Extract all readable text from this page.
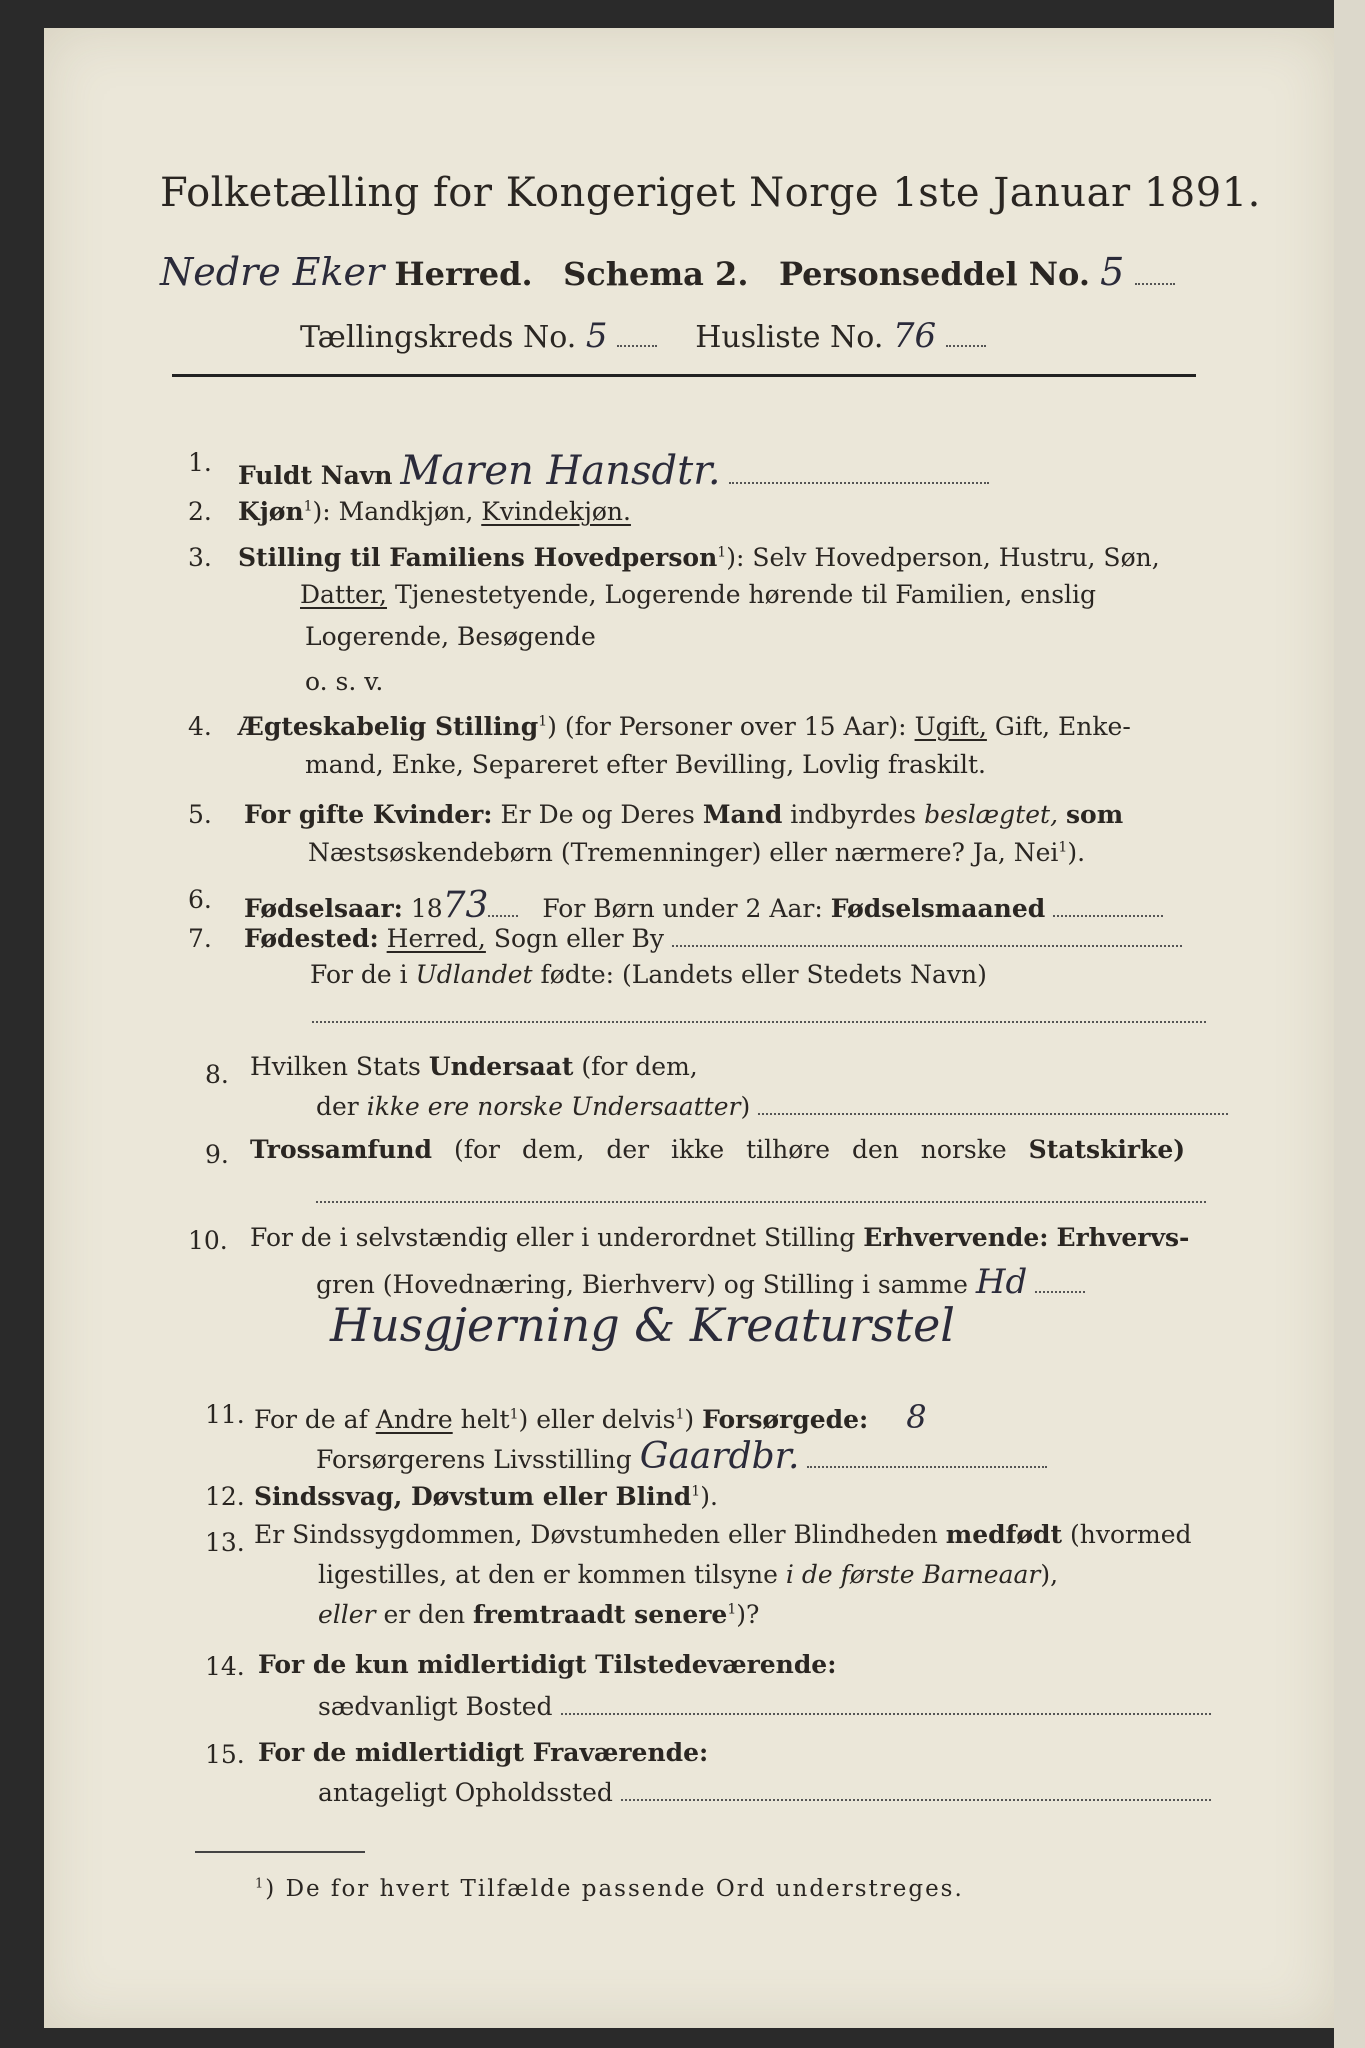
Folketælling for Kongeriget Norge 1ste Januar 1891.
Nedre Eker Herred. Schema 2. Personseddel No. 5
Tællingskreds No. 5	Husliste No. 76
1. Fuldt Navn Maren Hansdtr.
2. Kjøn$^1$): Mandkjøn, Kvindekjøn.
3. Stilling til Familiens Hovedperson$^1$): Selv Hovedperson, Hustru, Søn,
Datter, Tjenestetyende, Logerende hørende til Familien, enslig
Logerende, Besøgende
o. s. v.
4. Ægteskabelig Stilling$^1$) (for Personer over 15 Aar): Ugift, Gift, Enke-
mand, Enke, Separeret efter Bevilling, Lovlig fraskilt.
5. For gifte Kvinder: Er De og Deres Mand indbyrdes beslægtet, som
Næstsøskendebørn (Tremenninger) eller nærmere? Ja, Nei$^1$).
6. Fødselsaar: 1873 For Børn under 2 Aar: Fødselsmaaned
7. Fødested: Herred, Sogn eller By
For de i Udlandet fødte: (Landets eller Stedets Navn)
8. Hvilken Stats Undersaat (for dem,
der ikke ere norske Undersaatter)
9. Trossamfund (for dem, der ikke tilhøre den norske Statskirke)
10. For de i selvstændig eller i underordnet Stilling Erhvervende: Erhvervs-
gren (Hovednæring, Bierhverv) og Stilling i samme Hd
Husgjerning & Kreaturstel
11. For de af Andre helt$^1$) eller delvis$^1$) Forsørgede: 8
Forsørgerens Livsstilling Gaardbr.
12. Sindssvag, Døvstum eller Blind$^1$).
13. Er Sindssygdommen, Døvstumheden eller Blindheden medfødt (hvormed
ligestilles, at den er kommen tilsyne i de første Barneaar),
eller er den fremtraadt senere$^1$)?
14. For de kun midlertidigt Tilstedeværende:
sædvanligt Bosted
15. For de midlertidigt Fraværende:
antageligt Opholdssted
$^1$) De for hvert Tilfælde passende Ord understreges.
